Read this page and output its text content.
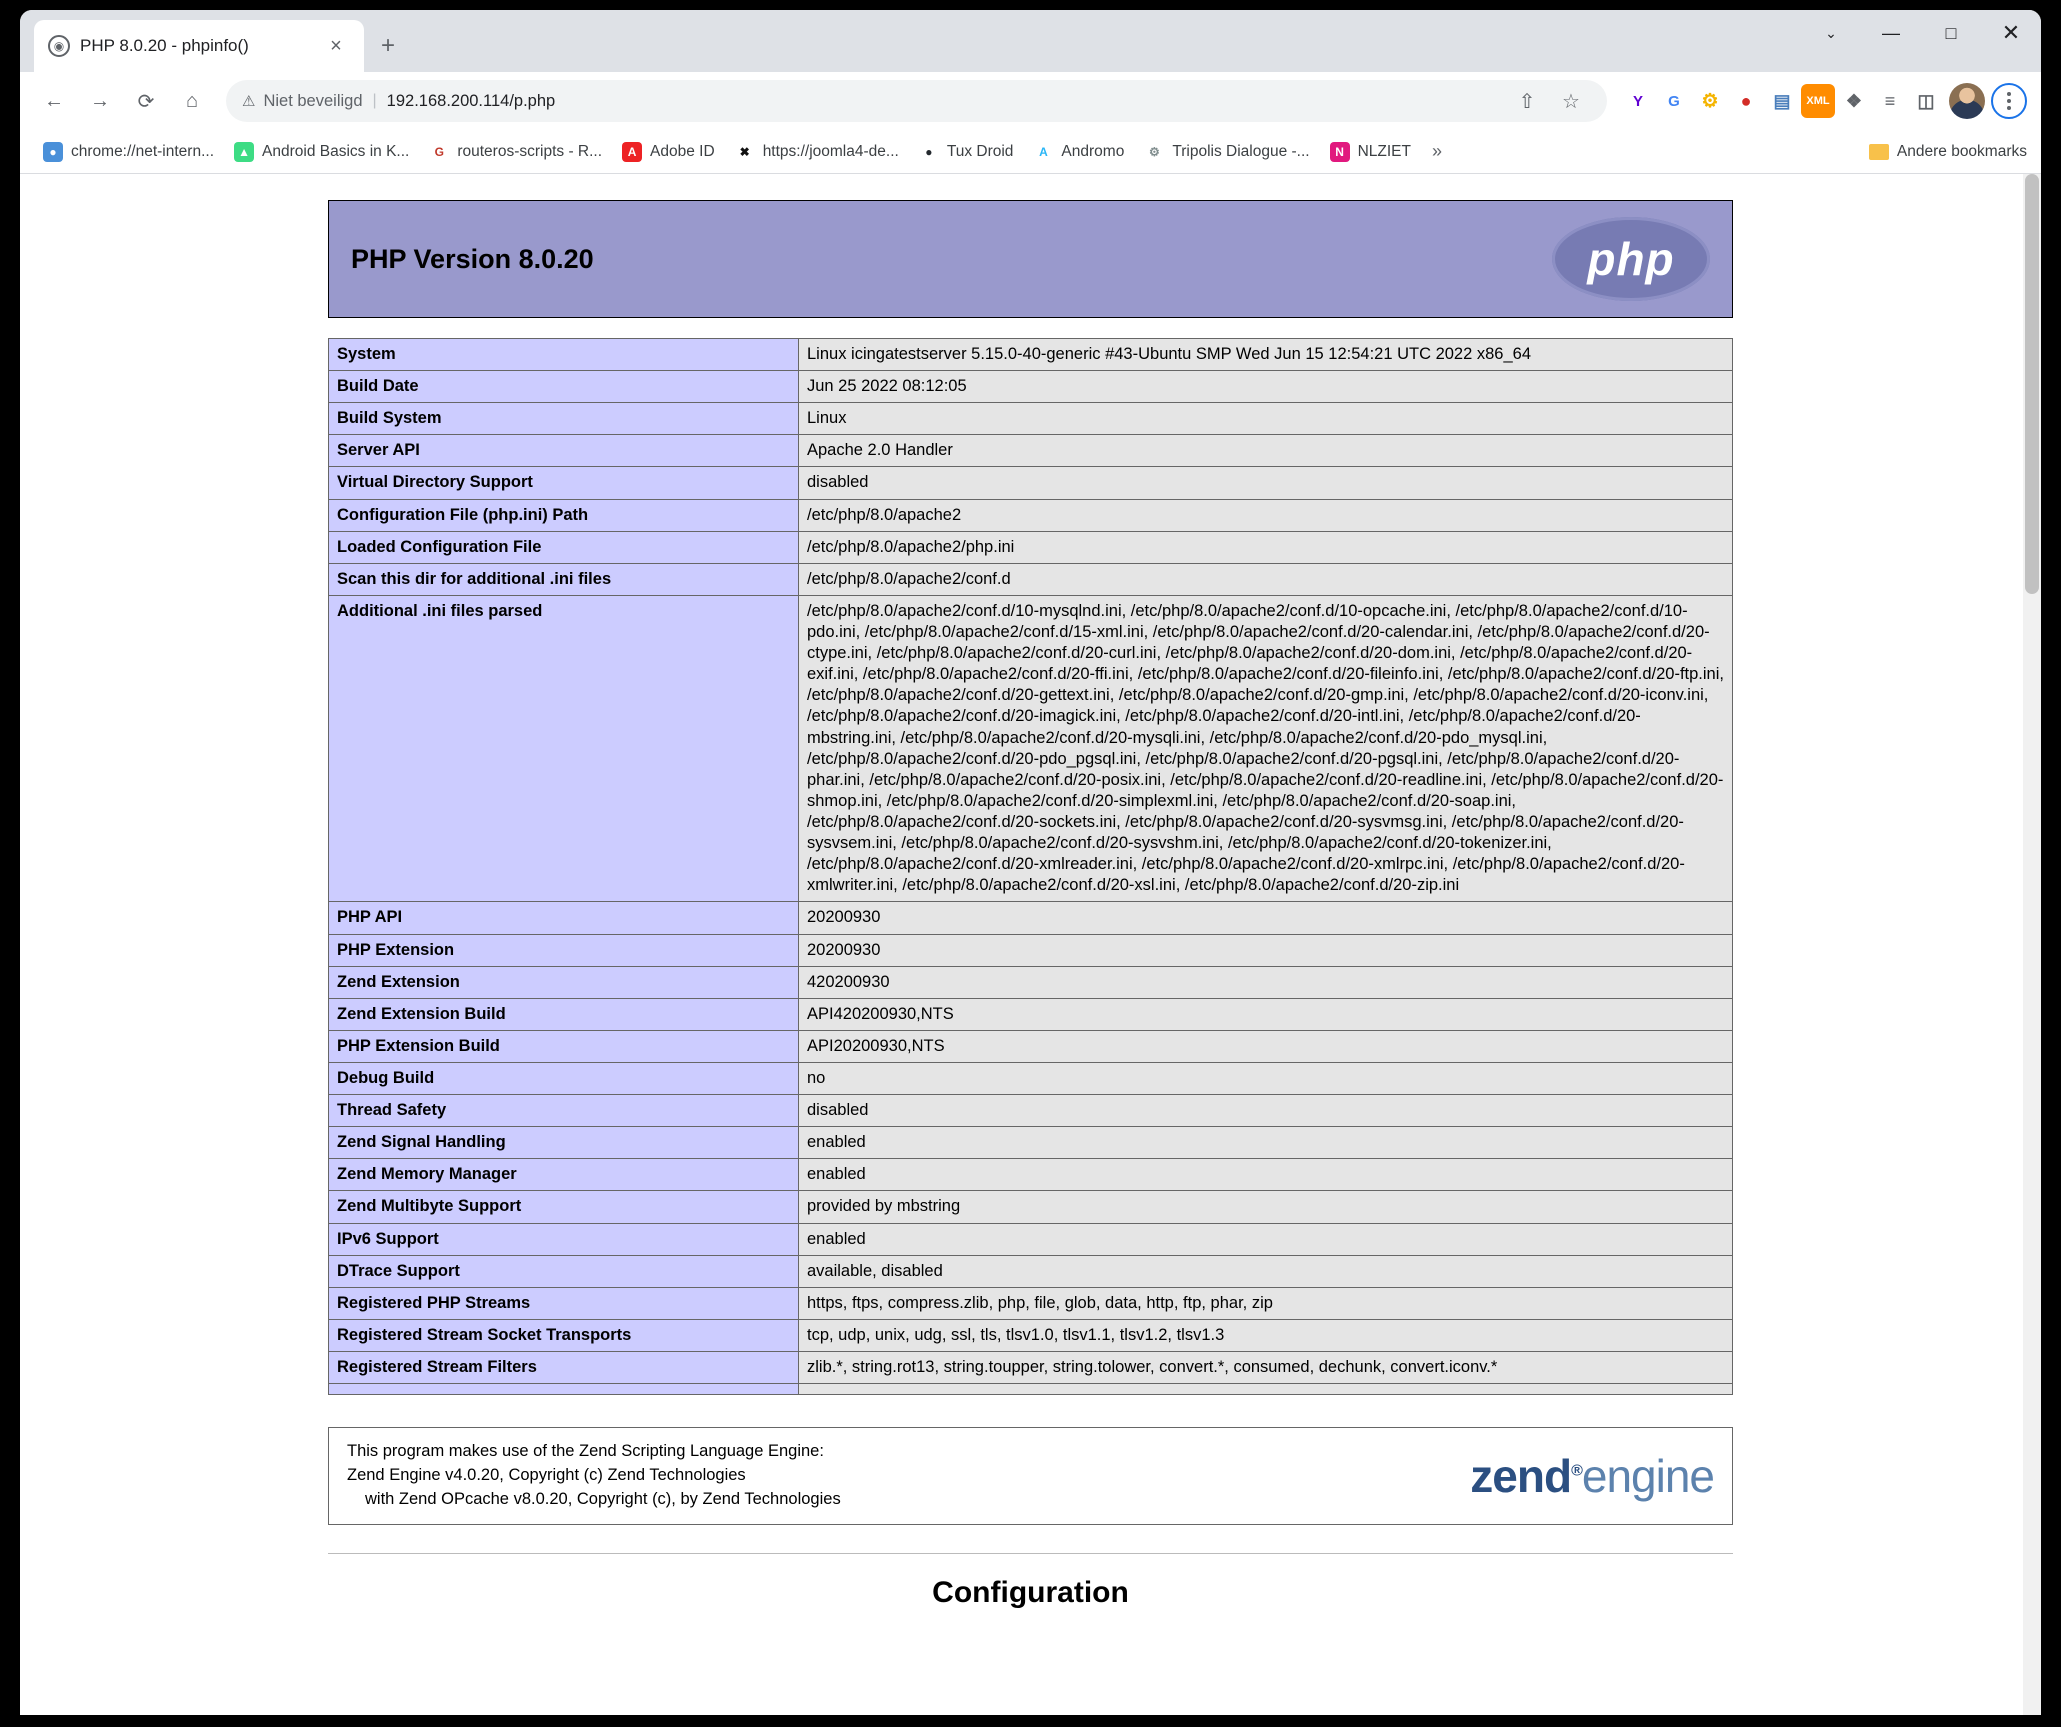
◉ PHP 8.0.20 - phpinfo()	×	+	⌄	—	□	✕
←	→	⟳	⌂	⚠ Niet beveiligd | 192.168.200.114/p.php	⇧	☆	Y	G	⚙	●	▤	XML ❖	≡	◫
● chrome://net-intern...	▲ Android Basics in K...	G routeros-scripts - R...	A Adobe ID	✖ https://joomla4-de...	● Tux Droid	A Andromo	⚙ Tripolis Dialogue -...	N NLZIET	»	Andere bookmarks
PHP Version 8.0.20	php
System	Linux icingatestserver 5.15.0-40-generic #43-Ubuntu SMP Wed Jun 15 12:54:21 UTC 2022 x86_64
Build Date	Jun 25 2022 08:12:05
Build System	Linux
Server API	Apache 2.0 Handler
Virtual Directory Support	disabled
Configuration File (php.ini) Path	/etc/php/8.0/apache2
Loaded Configuration File	/etc/php/8.0/apache2/php.ini
Scan this dir for additional .ini files	/etc/php/8.0/apache2/conf.d
Additional .ini files parsed	/etc/php/8.0/apache2/conf.d/10-mysqlnd.ini, /etc/php/8.0/apache2/conf.d/10-opcache.ini, /etc/php/8.0/apache2/conf.d/10-pdo.ini, /etc/php/8.0/apache2/conf.d/15-xml.ini, /etc/php/8.0/apache2/conf.d/20-calendar.ini, /etc/php/8.0/apache2/conf.d/20-ctype.ini, /etc/php/8.0/apache2/conf.d/20-curl.ini, /etc/php/8.0/apache2/conf.d/20-dom.ini, /etc/php/8.0/apache2/conf.d/20-exif.ini, /etc/php/8.0/apache2/conf.d/20-ffi.ini, /etc/php/8.0/apache2/conf.d/20-fileinfo.ini, /etc/php/8.0/apache2/conf.d/20-ftp.ini, /etc/php/8.0/apache2/conf.d/20-gettext.ini, /etc/php/8.0/apache2/conf.d/20-gmp.ini, /etc/php/8.0/apache2/conf.d/20-iconv.ini, /etc/php/8.0/apache2/conf.d/20-imagick.ini, /etc/php/8.0/apache2/conf.d/20-intl.ini, /etc/php/8.0/apache2/conf.d/20-mbstring.ini, /etc/php/8.0/apache2/conf.d/20-mysqli.ini, /etc/php/8.0/apache2/conf.d/20-pdo_mysql.ini, /etc/php/8.0/apache2/conf.d/20-pdo_pgsql.ini, /etc/php/8.0/apache2/conf.d/20-pgsql.ini, /etc/php/8.0/apache2/conf.d/20-phar.ini, /etc/php/8.0/apache2/conf.d/20-posix.ini, /etc/php/8.0/apache2/conf.d/20-readline.ini, /etc/php/8.0/apache2/conf.d/20-shmop.ini, /etc/php/8.0/apache2/conf.d/20-simplexml.ini, /etc/php/8.0/apache2/conf.d/20-soap.ini, /etc/php/8.0/apache2/conf.d/20-sockets.ini, /etc/php/8.0/apache2/conf.d/20-sysvmsg.ini, /etc/php/8.0/apache2/conf.d/20-sysvsem.ini, /etc/php/8.0/apache2/conf.d/20-sysvshm.ini, /etc/php/8.0/apache2/conf.d/20-tokenizer.ini, /etc/php/8.0/apache2/conf.d/20-xmlreader.ini, /etc/php/8.0/apache2/conf.d/20-xmlrpc.ini, /etc/php/8.0/apache2/conf.d/20-xmlwriter.ini, /etc/php/8.0/apache2/conf.d/20-xsl.ini, /etc/php/8.0/apache2/conf.d/20-zip.ini
PHP API	20200930
PHP Extension	20200930
Zend Extension	420200930
Zend Extension Build	API420200930,NTS
PHP Extension Build	API20200930,NTS
Debug Build	no
Thread Safety	disabled
Zend Signal Handling	enabled
Zend Memory Manager	enabled
Zend Multibyte Support	provided by mbstring
IPv6 Support	enabled
DTrace Support	available, disabled
Registered PHP Streams	https, ftps, compress.zlib, php, file, glob, data, http, ftp, phar, zip
Registered Stream Socket Transports	tcp, udp, unix, udg, ssl, tls, tlsv1.0, tlsv1.1, tlsv1.2, tlsv1.3
Registered Stream Filters	zlib.*, string.rot13, string.toupper, string.tolower, convert.*, consumed, dechunk, convert.iconv.*

This program makes use of the Zend Scripting Language Engine:
Zend Engine v4.0.20, Copyright (c) Zend Technologies
with Zend OPcache v8.0.20, Copyright (c), by Zend Technologies	zend®engine
Configuration
